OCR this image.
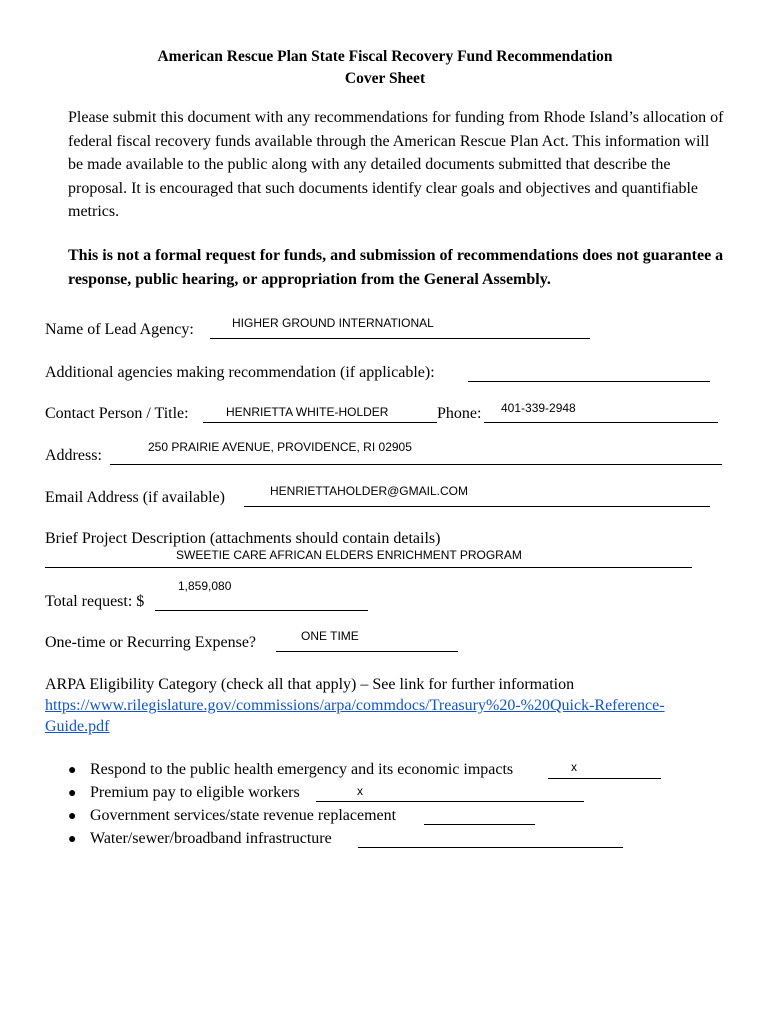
American Rescue Plan State Fiscal Recovery Fund Recommendation
Cover Sheet
Please submit this document with any recommendations for funding from Rhode Island’s allocation of federal fiscal recovery funds available through the American Rescue Plan Act. This information will be made available to the public along with any detailed documents submitted that describe the proposal. It is encouraged that such documents identify clear goals and objectives and quantifiable metrics.
This is not a formal request for funds, and submission of recommendations does not guarantee a response, public hearing, or appropriation from the General Assembly.
Name of Lead Agency:	HIGHER GROUND INTERNATIONAL
Additional agencies making recommendation (if applicable):
Contact Person / Title:	HENRIETTA WHITE-HOLDER	Phone: 401-339-2948
Address:	250 PRAIRIE AVENUE, PROVIDENCE, RI 02905
Email Address (if available)	HENRIETTAHOLDER@GMAIL.COM
Brief Project Description (attachments should contain details)
SWEETIE CARE AFRICAN ELDERS ENRICHMENT PROGRAM
1,859,080
Total request: $
One-time or Recurring Expense?	ONE TIME
ARPA Eligibility Category (check all that apply) – See link for further information
https://www.rilegislature.gov/commissions/arpa/commdocs/Treasury%20-%20Quick-Reference-
Guide.pdf
● Respond to the public health emergency and its economic impacts	x
● Premium pay to eligible workers	x
● Government services/state revenue replacement
● Water/sewer/broadband infrastructure
